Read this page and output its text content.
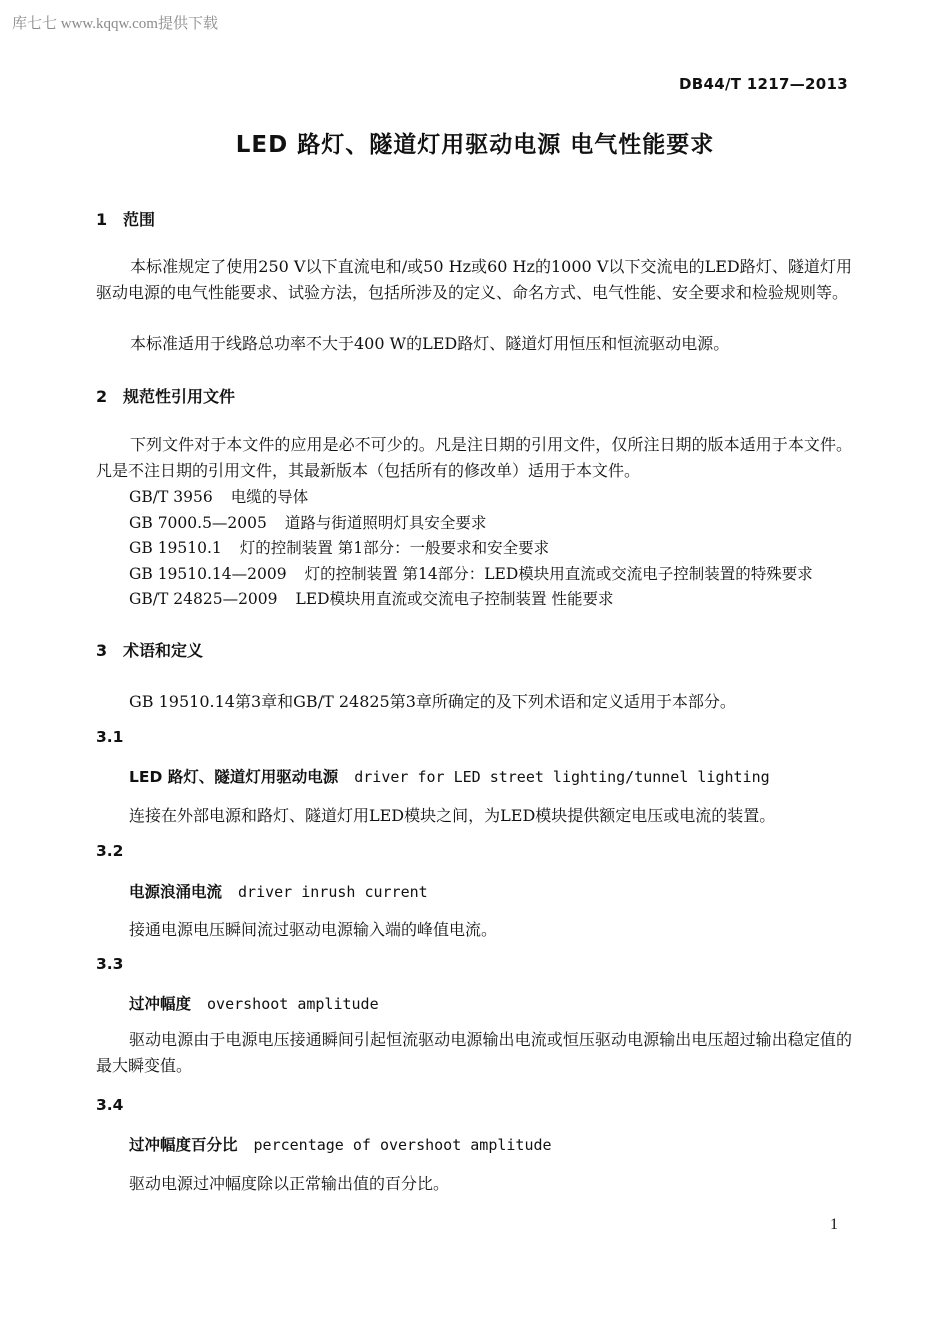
库七七 www.kqqw.com提供下载
DB44/T 1217—2013
LED 路灯、隧道灯用驱动电源 电气性能要求
1 范围
本标准规定了使用250 V以下直流电和/或50 Hz或60 Hz的1000 V以下交流电的LED路灯、隧道灯用驱动电源的电气性能要求、试验方法，包括所涉及的定义、命名方式、电气性能、安全要求和检验规则等。
本标准适用于线路总功率不大于400 W的LED路灯、隧道灯用恒压和恒流驱动电源。
2 规范性引用文件
下列文件对于本文件的应用是必不可少的。凡是注日期的引用文件，仅所注日期的版本适用于本文件。凡是不注日期的引用文件，其最新版本（包括所有的修改单）适用于本文件。
GB/T 3956 电缆的导体
GB 7000.5—2005 道路与街道照明灯具安全要求
GB 19510.1 灯的控制装置 第1部分：一般要求和安全要求
GB 19510.14—2009 灯的控制装置 第14部分：LED模块用直流或交流电子控制装置的特殊要求
GB/T 24825—2009 LED模块用直流或交流电子控制装置 性能要求
3 术语和定义
GB 19510.14第3章和GB/T 24825第3章所确定的及下列术语和定义适用于本部分。
3.1
LED 路灯、隧道灯用驱动电源 driver for LED street lighting/tunnel lighting
连接在外部电源和路灯、隧道灯用LED模块之间，为LED模块提供额定电压或电流的装置。
3.2
电源浪涌电流 driver inrush current
接通电源电压瞬间流过驱动电源输入端的峰值电流。
3.3
过冲幅度 overshoot amplitude
驱动电源由于电源电压接通瞬间引起恒流驱动电源输出电流或恒压驱动电源输出电压超过输出稳定值的最大瞬变值。
3.4
过冲幅度百分比 percentage of overshoot amplitude
驱动电源过冲幅度除以正常输出值的百分比。
1
